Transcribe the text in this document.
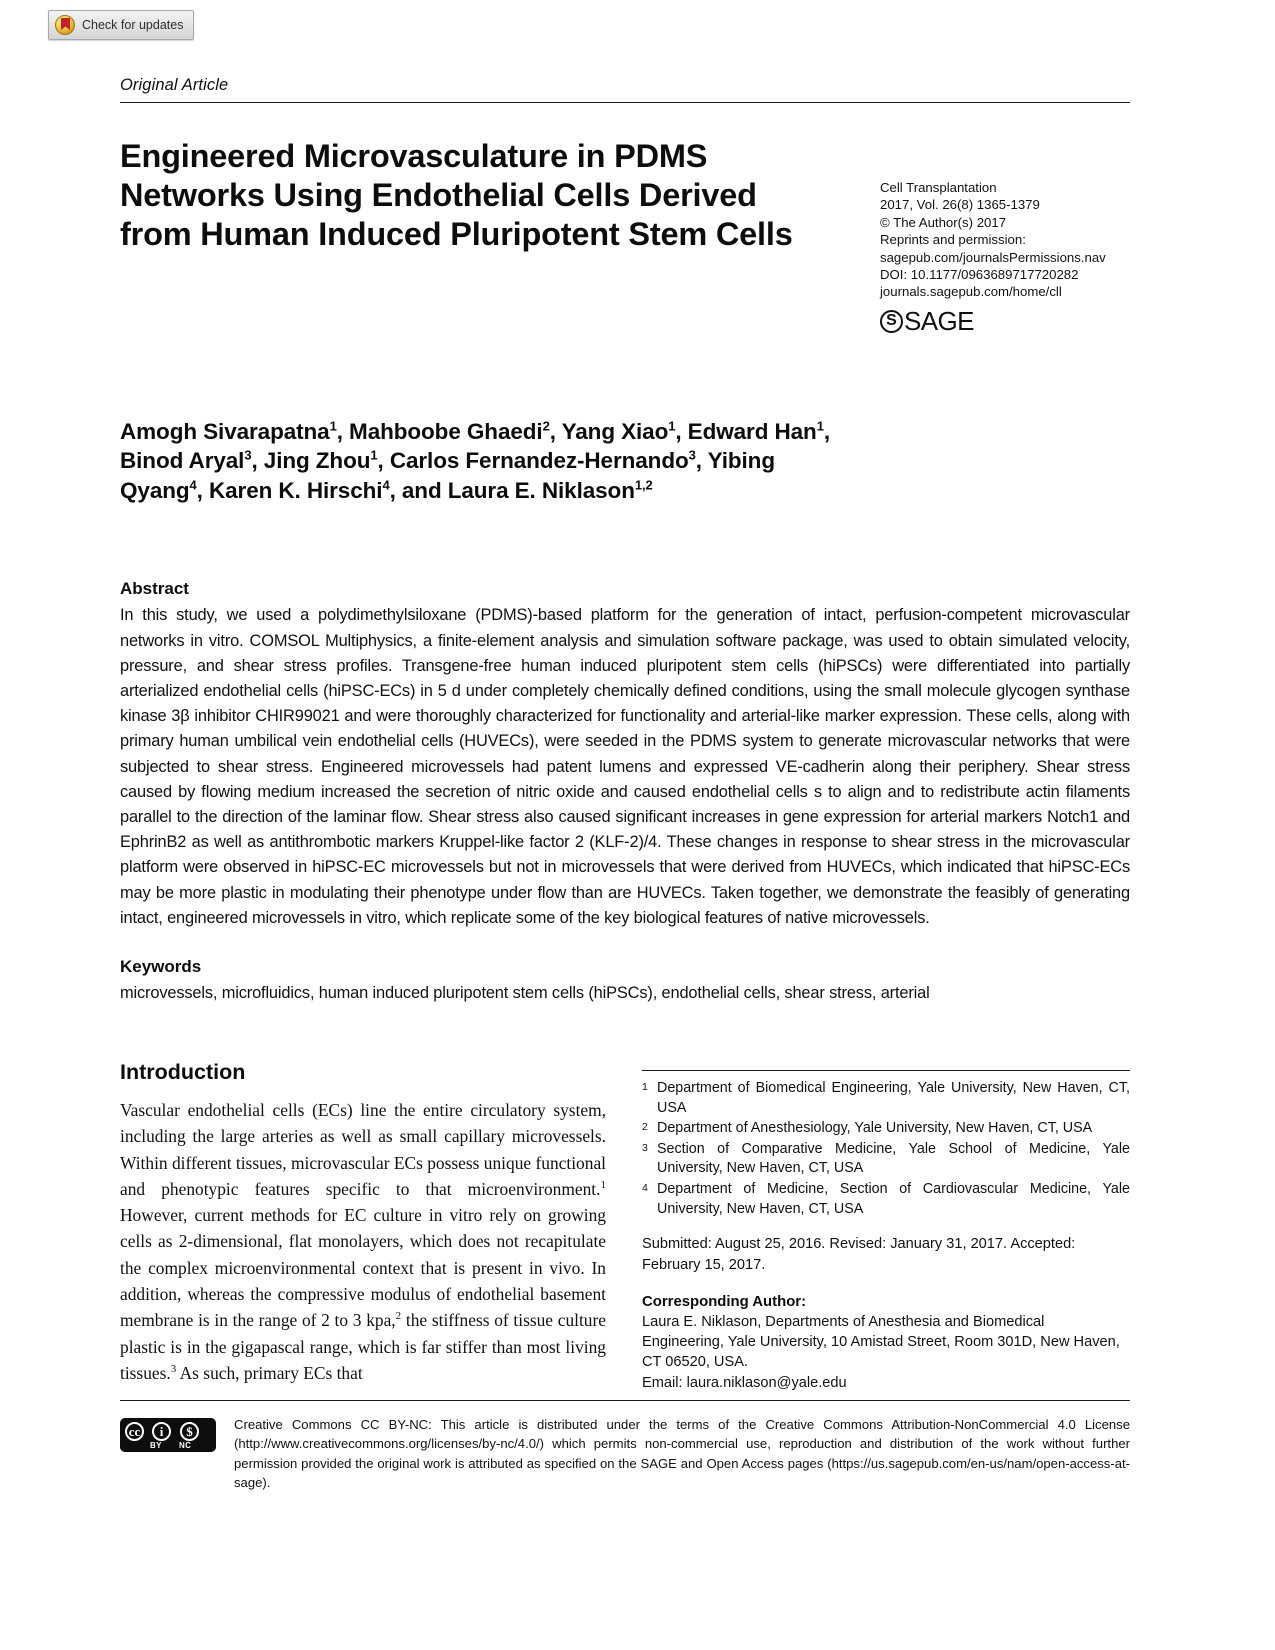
Check for updates
Original Article
Engineered Microvasculature in PDMS Networks Using Endothelial Cells Derived from Human Induced Pluripotent Stem Cells
Cell Transplantation
2017, Vol. 26(8) 1365-1379
© The Author(s) 2017
Reprints and permission:
sagepub.com/journalsPermissions.nav
DOI: 10.1177/0963689717720282
journals.sagepub.com/home/cll
S
SAGE
Amogh Sivarapatna$^1$, Mahboobe Ghaedi$^2$, Yang Xiao$^1$, Edward Han$^1$, Binod Aryal$^3$, Jing Zhou$^1$, Carlos Fernandez-Hernando$^3$, Yibing Qyang$^4$, Karen K. Hirschi$^4$, and Laura E. Niklason$^{1,2}$
Abstract

In this study, we used a polydimethylsiloxane (PDMS)-based platform for the generation of intact, perfusion-competent microvascular networks in vitro. COMSOL Multiphysics, a finite-element analysis and simulation software package, was used to obtain simulated velocity, pressure, and shear stress profiles. Transgene-free human induced pluripotent stem cells (hiPSCs) were differentiated into partially arterialized endothelial cells (hiPSC-ECs) in 5 d under completely chemically defined conditions, using the small molecule glycogen synthase kinase 3β inhibitor CHIR99021 and were thoroughly characterized for functionality and arterial-like marker expression. These cells, along with primary human umbilical vein endothelial cells (HUVECs), were seeded in the PDMS system to generate microvascular networks that were subjected to shear stress. Engineered microvessels had patent lumens and expressed VE-cadherin along their periphery. Shear stress caused by flowing medium increased the secretion of nitric oxide and caused endothelial cells s to align and to redistribute actin filaments parallel to the direction of the laminar flow. Shear stress also caused significant increases in gene expression for arterial markers Notch1 and EphrinB2 as well as antithrombotic markers Kruppel-like factor 2 (KLF-2)/4. These changes in response to shear stress in the microvascular platform were observed in hiPSC-EC microvessels but not in microvessels that were derived from HUVECs, which indicated that hiPSC-ECs may be more plastic in modulating their phenotype under flow than are HUVECs. Taken together, we demonstrate the feasibly of generating intact, engineered microvessels in vitro, which replicate some of the key biological features of native microvessels.

Keywords

microvessels, microfluidics, human induced pluripotent stem cells (hiPSCs), endothelial cells, shear stress, arterial

Introduction

Vascular endothelial cells (ECs) line the entire circulatory system, including the large arteries as well as small capillary microvessels. Within different tissues, microvascular ECs possess unique functional and phenotypic features specific to that microenvironment.$^1$ However, current methods for EC culture in vitro rely on growing cells as 2-dimensional, flat monolayers, which does not recapitulate the complex microenvironmental context that is present in vivo. In addition, whereas the compressive modulus of endothelial basement membrane is in the range of 2 to 3 kpa,$^2$ the stiffness of tissue culture plastic is in the gigapascal range, which is far stiffer than most living tissues.$^3$ As such, primary ECs that

1 Department of Biomedical Engineering, Yale University, New Haven, CT, USA
2 Department of Anesthesiology, Yale University, New Haven, CT, USA
3 Section of Comparative Medicine, Yale School of Medicine, Yale University, New Haven, CT, USA
4 Department of Medicine, Section of Cardiovascular Medicine, Yale University, New Haven, CT, USA

Submitted: August 25, 2016. Revised: January 31, 2017. Accepted: February 15, 2017.

Corresponding Author:

Laura E. Niklason, Departments of Anesthesia and Biomedical Engineering, Yale University, 10 Amistad Street, Room 301D, New Haven, CT 06520, USA.

Email: laura.niklason@yale.edu

cc	i	$
BY NC

Creative Commons CC BY-NC: This article is distributed under the terms of the Creative Commons Attribution-NonCommercial 4.0 License (http://www.creativecommons.org/licenses/by-nc/4.0/) which permits non-commercial use, reproduction and distribution of the work without further permission provided the original work is attributed as specified on the SAGE and Open Access pages (https://us.sagepub.com/en-us/nam/open-access-at-sage).
